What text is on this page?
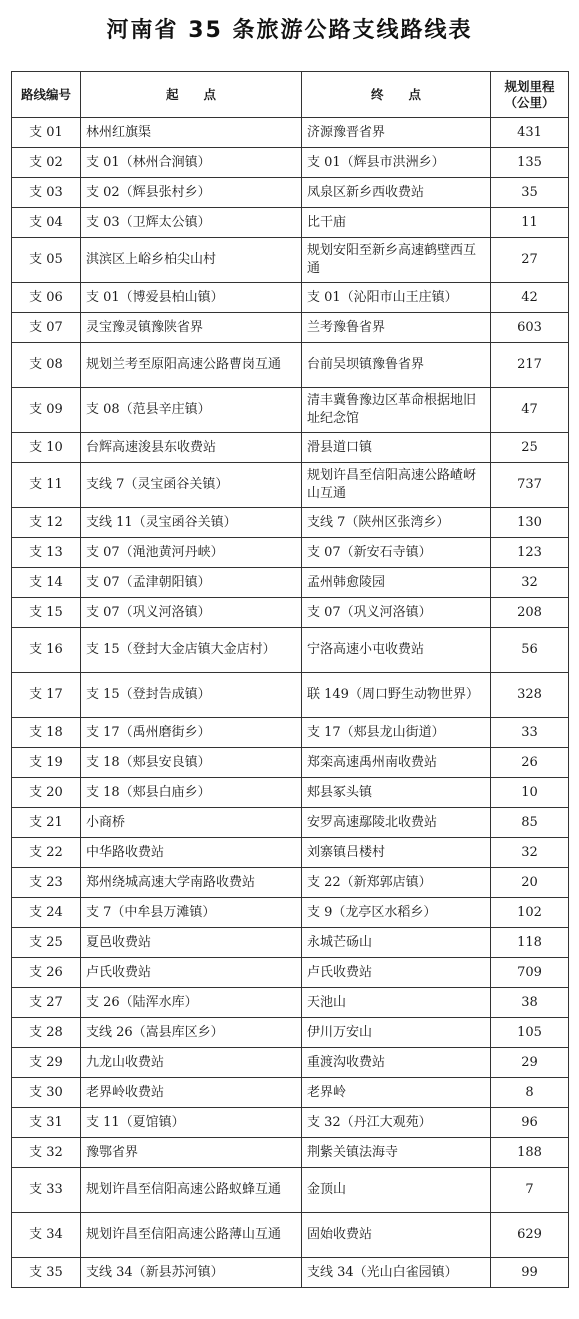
河南省 35 条旅游公路支线路线表
路线编号	起　　点	终　　点	规划里程
（公里）

支 01	林州红旗渠	济源豫晋省界	431
支 02	支 01（林州合涧镇）	支 01（辉县市洪洲乡）	135
支 03	支 02（辉县张村乡）	凤泉区新乡西收费站	35
支 04	支 03（卫辉太公镇）	比干庙	11
支 05	淇滨区上峪乡柏尖山村	规划安阳至新乡高速鹤壁西互通	27
支 06	支 01（博爱县柏山镇）	支 01（沁阳市山王庄镇）	42
支 07	灵宝豫灵镇豫陕省界	兰考豫鲁省界	603
支 08	规划兰考至原阳高速公路曹岗互通	台前吴坝镇豫鲁省界	217
支 09	支 08（范县辛庄镇）	清丰冀鲁豫边区革命根据地旧址纪念馆	47
支 10	台辉高速浚县东收费站	滑县道口镇	25
支 11	支线 7（灵宝函谷关镇）	规划许昌至信阳高速公路嵖岈山互通	737
支 12	支线 11（灵宝函谷关镇）	支线 7（陕州区张湾乡）	130
支 13	支 07（渑池黄河丹峡）	支 07（新安石寺镇）	123
支 14	支 07（孟津朝阳镇）	孟州韩愈陵园	32
支 15	支 07（巩义河洛镇）	支 07（巩义河洛镇）	208
支 16	支 15（登封大金店镇大金店村）	宁洛高速小屯收费站	56
支 17	支 15（登封告成镇）	联 149（周口野生动物世界）	328
支 18	支 17（禹州磨街乡）	支 17（郏县龙山街道）	33
支 19	支 18（郏县安良镇）	郑栾高速禹州南收费站	26
支 20	支 18（郏县白庙乡）	郏县冢头镇	10
支 21	小商桥	安罗高速鄢陵北收费站	85
支 22	中华路收费站	刘寨镇吕楼村	32
支 23	郑州绕城高速大学南路收费站	支 22（新郑郭店镇）	20
支 24	支 7（中牟县万滩镇）	支 9（龙亭区水稻乡）	102
支 25	夏邑收费站	永城芒砀山	118
支 26	卢氏收费站	卢氏收费站	709
支 27	支 26（陆浑水库）	天池山	38
支 28	支线 26（嵩县库区乡）	伊川万安山	105
支 29	九龙山收费站	重渡沟收费站	29
支 30	老界岭收费站	老界岭	8
支 31	支 11（夏馆镇）	支 32（丹江大观苑）	96
支 32	豫鄂省界	荆紫关镇法海寺	188
支 33	规划许昌至信阳高速公路蚁蜂互通	金顶山	7
支 34	规划许昌至信阳高速公路薄山互通	固始收费站	629
支 35	支线 34（新县苏河镇）	支线 34（光山白雀园镇）	99
